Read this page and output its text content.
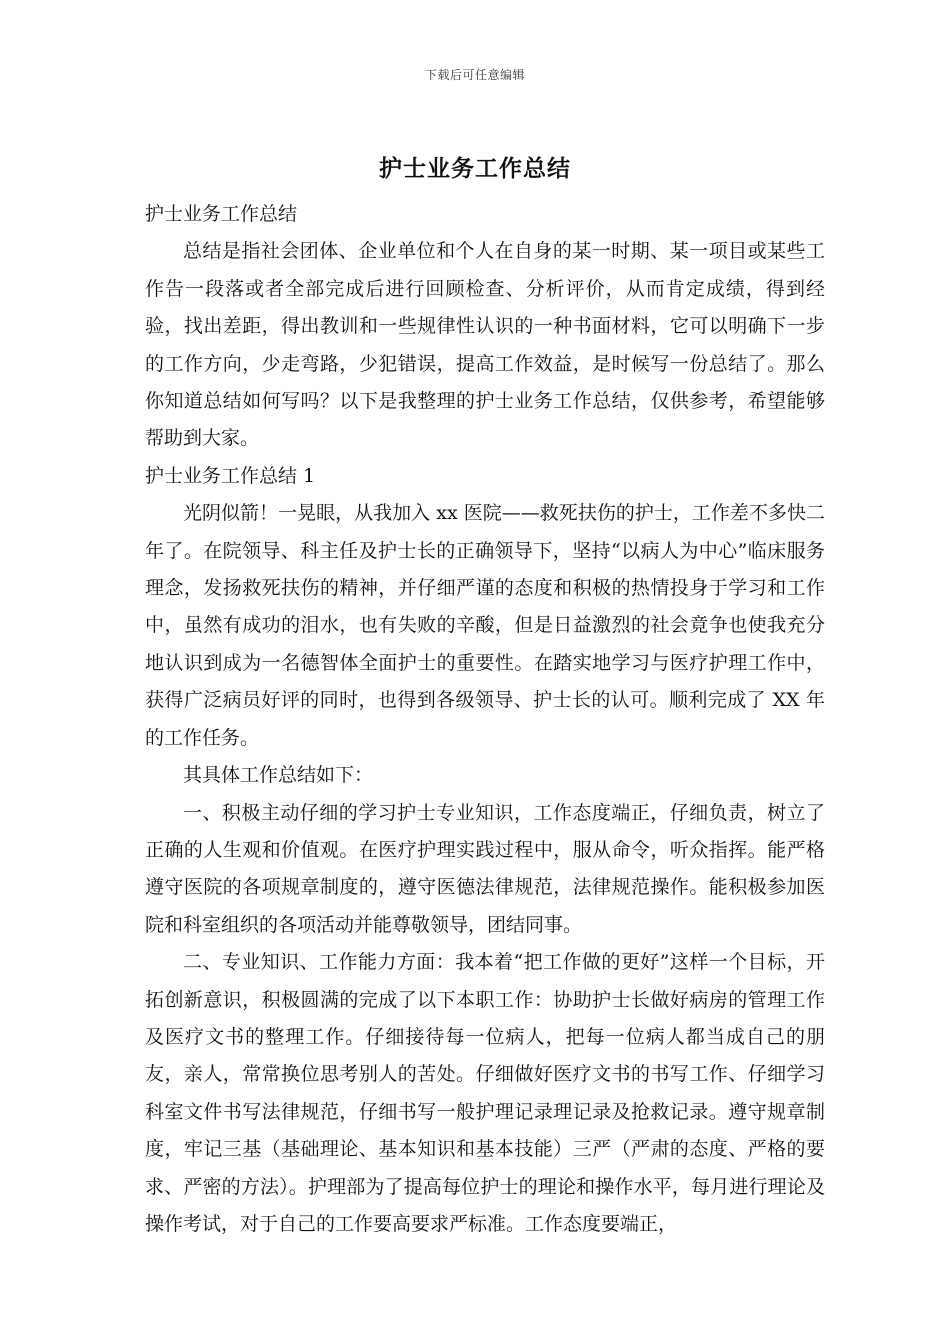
下载后可任意编辑
护士业务工作总结

护士业务工作总结

总结是指社会团体、企业单位和个人在自身的某一时期、某一项目或某些工作告一段落或者全部完成后进行回顾检查、分析评价，从而肯定成绩，得到经验，找出差距，得出教训和一些规律性认识的一种书面材料，它可以明确下一步的工作方向，少走弯路，少犯错误，提高工作效益，是时候写一份总结了。那么你知道总结如何写吗？以下是我整理的护士业务工作总结，仅供参考，希望能够帮助到大家。

护士业务工作总结 1

光阴似箭！一晃眼，从我加入 xx 医院——救死扶伤的护士，工作差不多快二年了。在院领导、科主任及护士长的正确领导下，坚持“以病人为中心”临床服务理念，发扬救死扶伤的精神，并仔细严谨的态度和积极的热情投身于学习和工作中，虽然有成功的泪水，也有失败的辛酸，但是日益激烈的社会竟争也使我充分地认识到成为一名德智体全面护士的重要性。在踏实地学习与医疗护理工作中，获得广泛病员好评的同时，也得到各级领导、护士长的认可。顺利完成了 XX 年的工作任务。

其具体工作总结如下：

一、积极主动仔细的学习护士专业知识，工作态度端正，仔细负责，树立了正确的人生观和价值观。在医疗护理实践过程中，服从命令，听众指挥。能严格遵守医院的各项规章制度的，遵守医德法律规范，法律规范操作。能积极参加医院和科室组织的各项活动并能尊敬领导，团结同事。

二、专业知识、工作能力方面：我本着“把工作做的更好”这样一个目标，开拓创新意识，积极圆满的完成了以下本职工作：协助护士长做好病房的管理工作及医疗文书的整理工作。仔细接待每一位病人，把每一位病人都当成自己的朋友，亲人，常常换位思考别人的苦处。仔细做好医疗文书的书写工作、仔细学习科室文件书写法律规范，仔细书写一般护理记录理记录及抢救记录。遵守规章制度，牢记三基（基础理论、基本知识和基本技能）三严（严肃的态度、严格的要求、严密的方法）。护理部为了提高每位护士的理论和操作水平，每月进行理论及操作考试，对于自己的工作要高要求严标准。工作态度要端正，
